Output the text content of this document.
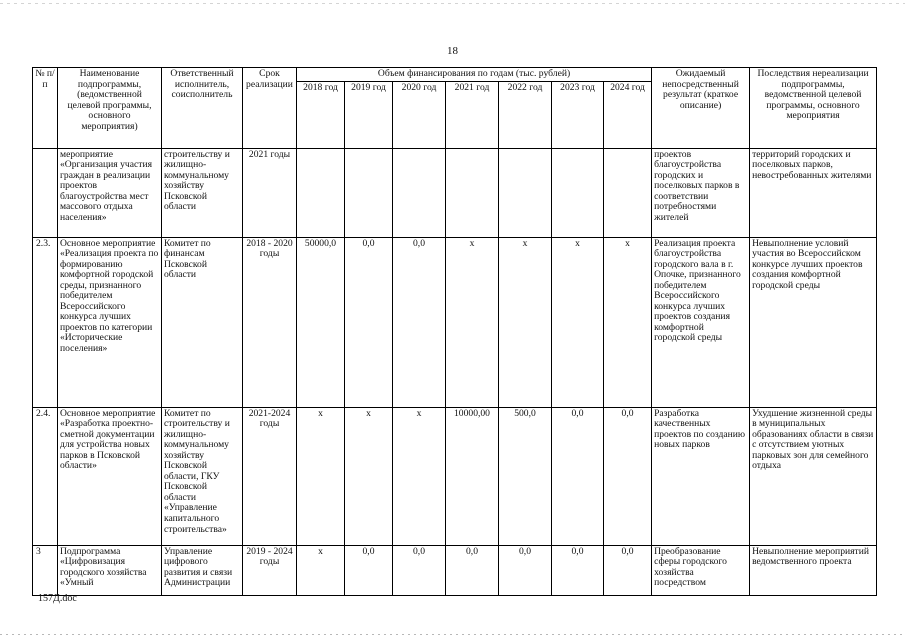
18
№ п/п	Наименование подпрограммы, (ведомственной целевой программы, основного мероприятия)	Ответственный исполнитель, соисполнитель	Срок реализации	Объем финансирования по годам (тыс. рублей)							Ожидаемый непосредственный результат (краткое описание)	Последствия нереализации подпрограммы, ведомственной целевой программы, основного мероприятия
				2018 год	2019 год	2020 год	2021 год	2022 год	2023 год	2024 год		
	мероприятие «Организация участия граждан в реализации проектов благоустройства мест массового отдыха населения»	строительству и жилищно-коммунальному хозяйству Псковской области	2021 годы								проектов благоустройства городских и поселковых парков в соответствии потребностями жителей	территорий городских и поселковых парков, невостребованных жителями
2.3.	Основное мероприятие «Реализация проекта по формированию комфортной городской среды, признанного победителем Всероссийского конкурса лучших проектов по категории «Исторические поселения»	Комитет по финансам Псковской области	2018 - 2020 годы	50000,0	0,0	0,0	x	x	x	x	Реализация проекта благоустройства городского вала в г. Опочке, признанного победителем Всероссийского конкурса лучших проектов создания комфортной городской среды	Невыполнение условий участия во Всероссийском конкурсе лучших проектов создания комфортной городской среды
2.4.	Основное мероприятие «Разработка проектно-сметной документации для устройства новых парков в Псковской области»	Комитет по строительству и жилищно-коммунальному хозяйству Псковской области, ГКУ Псковской области «Управление капитального строительства»	2021-2024 годы	x	x	x	10000,00	500,0	0,0	0,0	Разработка качественных проектов по созданию новых парков	Ухудшение жизненной среды в муниципальных образованиях области в связи с отсутствием уютных парковых зон для семейного отдыха
3	Подпрограмма «Цифровизация городского хозяйства «Умный	Управление цифрового развития и связи Администрации	2019 - 2024 годы	x	0,0	0,0	0,0	0,0	0,0	0,0	Преобразование сферы городского хозяйства посредством	Невыполнение мероприятий ведомственного проекта
157Д.doc
